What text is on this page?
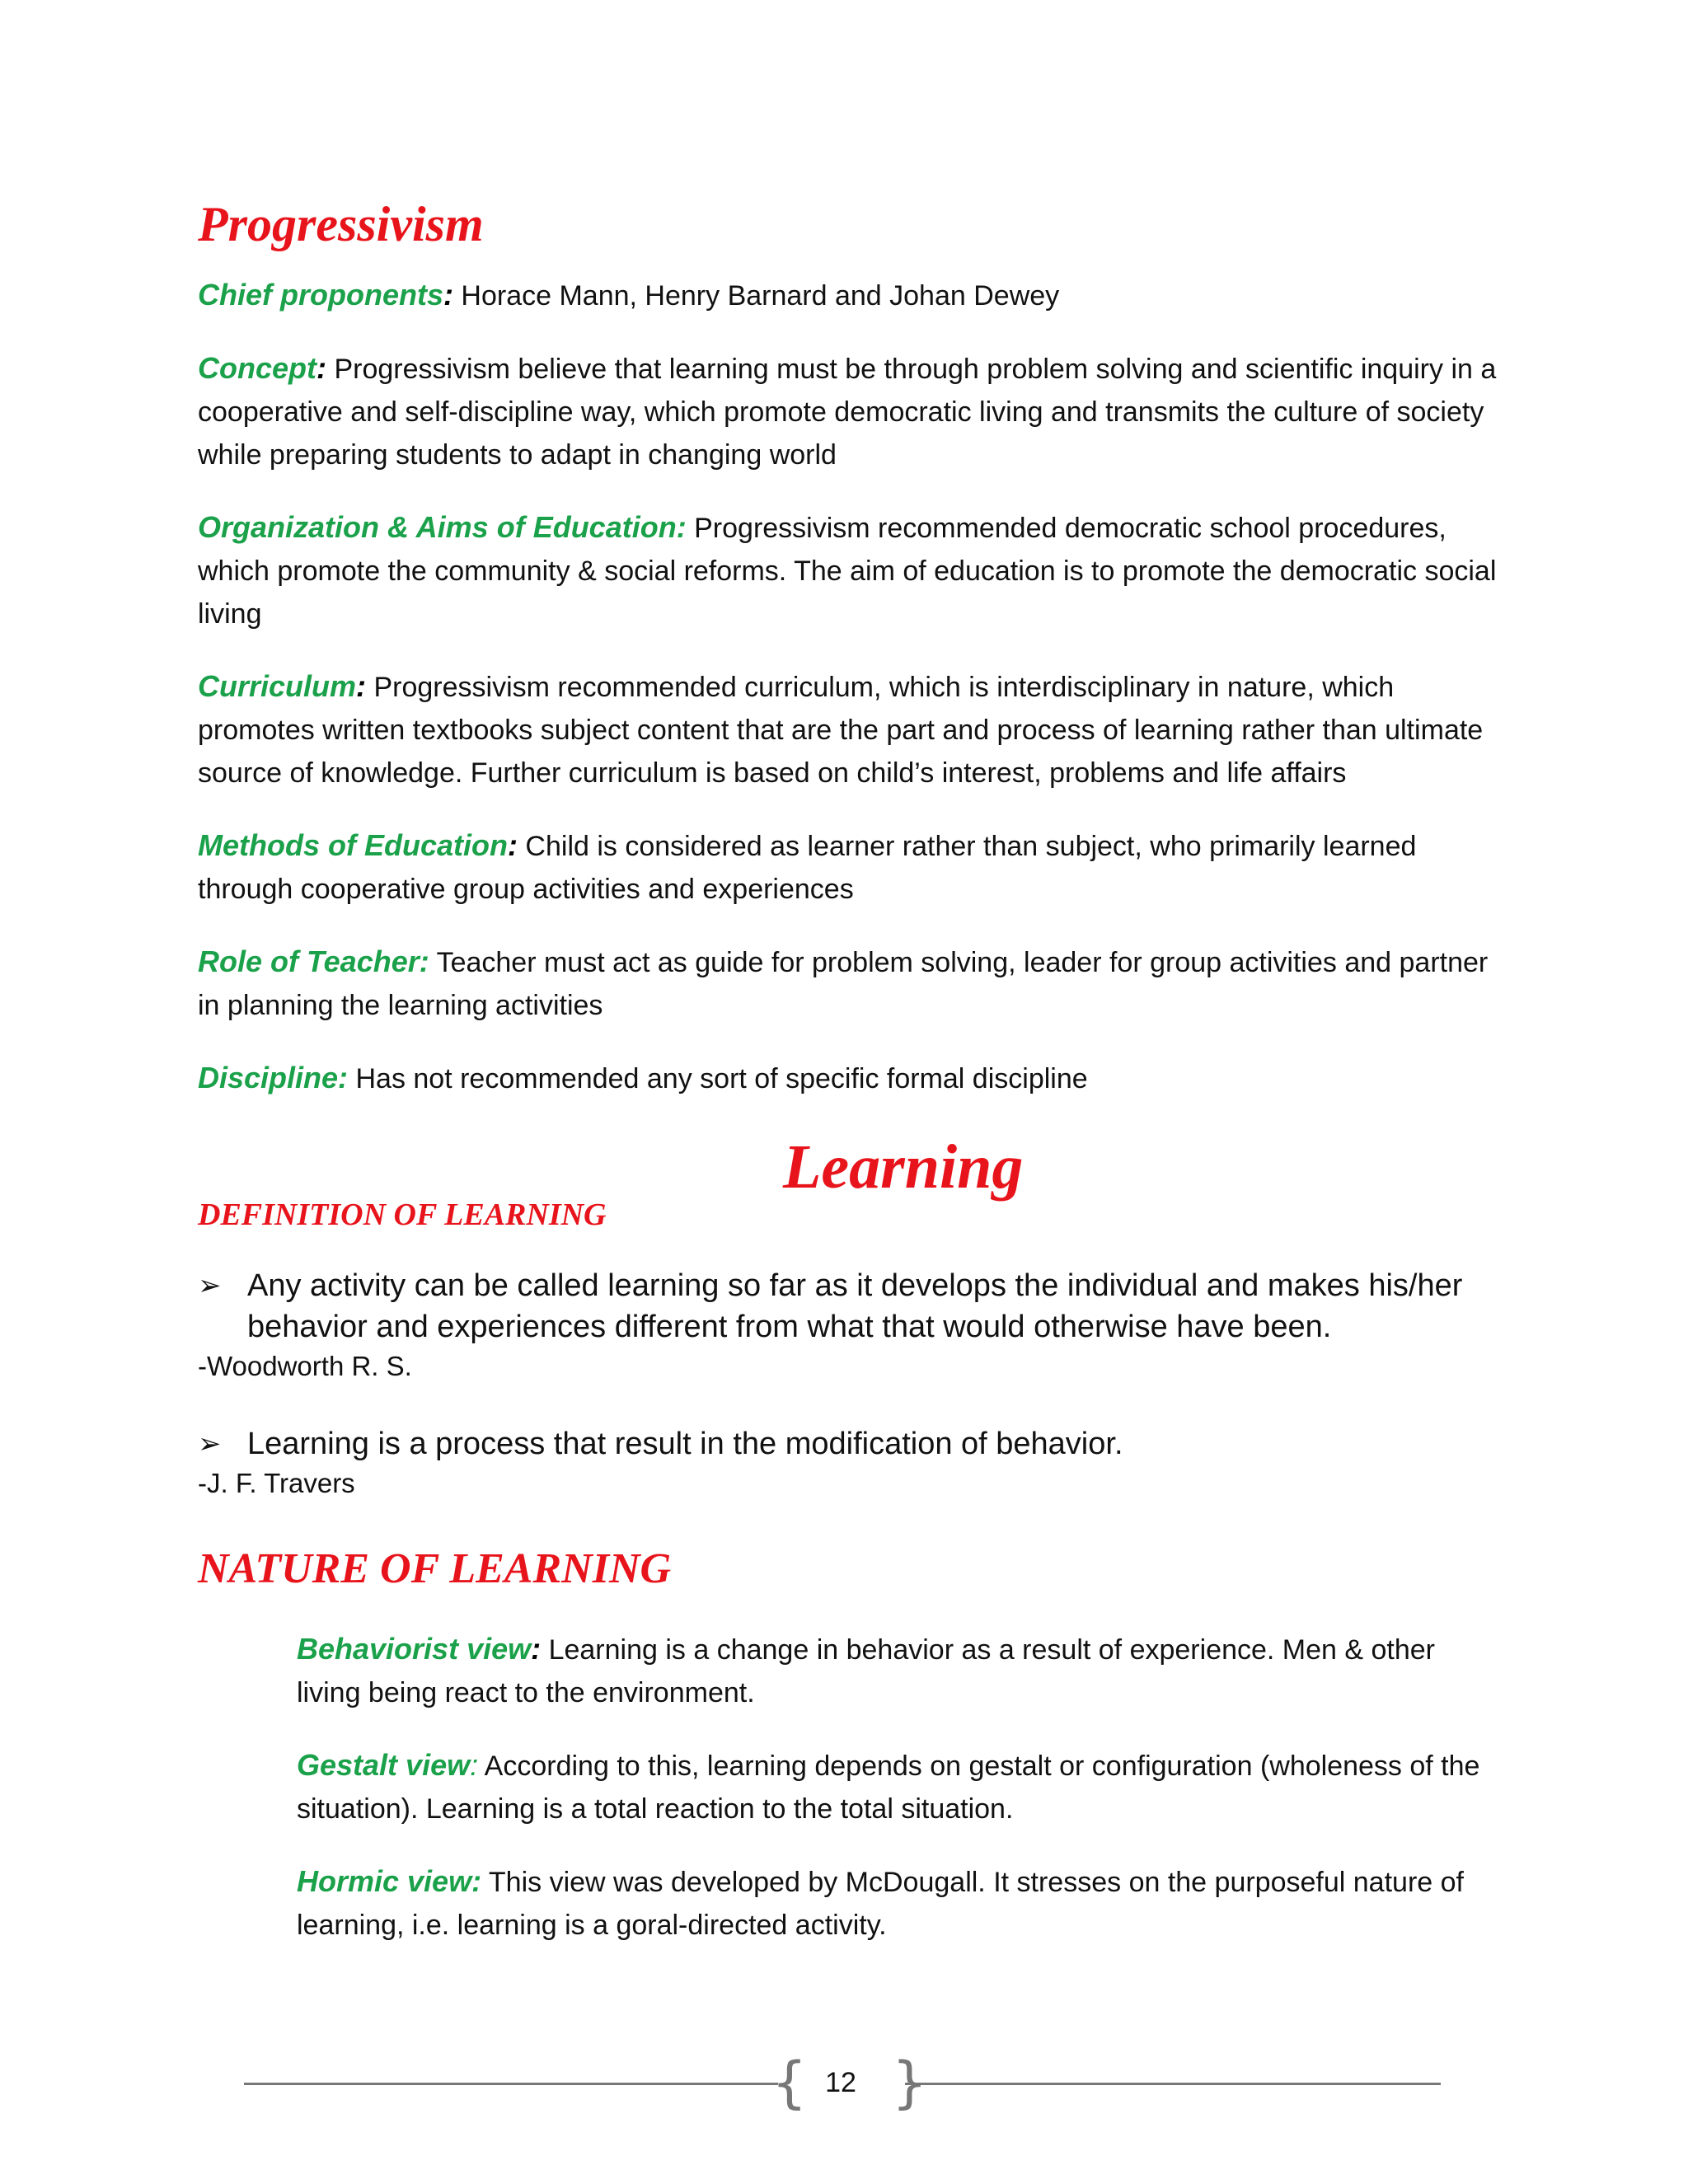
Progressivism

Chief proponents: Horace Mann, Henry Barnard and Johan Dewey

Concept: Progressivism believe that learning must be through problem solving and scientific inquiry in a cooperative and self-discipline way, which promote democratic living and transmits the culture of society while preparing students to adapt in changing world

Organization & Aims of Education: Progressivism recommended democratic school procedures, which promote the community & social reforms. The aim of education is to promote the democratic social living

Curriculum: Progressivism recommended curriculum, which is interdisciplinary in nature, which promotes written textbooks subject content that are the part and process of learning rather than ultimate source of knowledge. Further curriculum is based on child’s interest, problems and life affairs

Methods of Education: Child is considered as learner rather than subject, who primarily learned through cooperative group activities and experiences

Role of Teacher: Teacher must act as guide for problem solving, leader for group activities and partner in planning the learning activities

Discipline: Has not recommended any sort of specific formal discipline

Learning
DEFINITION OF LEARNING
➢ Any activity can be called learning so far as it develops the individual and makes his/her behavior and experiences different from what that would otherwise have been.

-Woodworth R. S.

➢ Learning is a process that result in the modification of behavior.

-J. F. Travers

NATURE OF LEARNING

Behaviorist view: Learning is a change in behavior as a result of experience. Men & other living being react to the environment.

Gestalt view: According to this, learning depends on gestalt or configuration (wholeness of the situation). Learning is a total reaction to the total situation.

Hormic view: This view was developed by McDougall. It stresses on the purposeful nature of learning, i.e. learning is a goral-directed activity.

{ }
12
